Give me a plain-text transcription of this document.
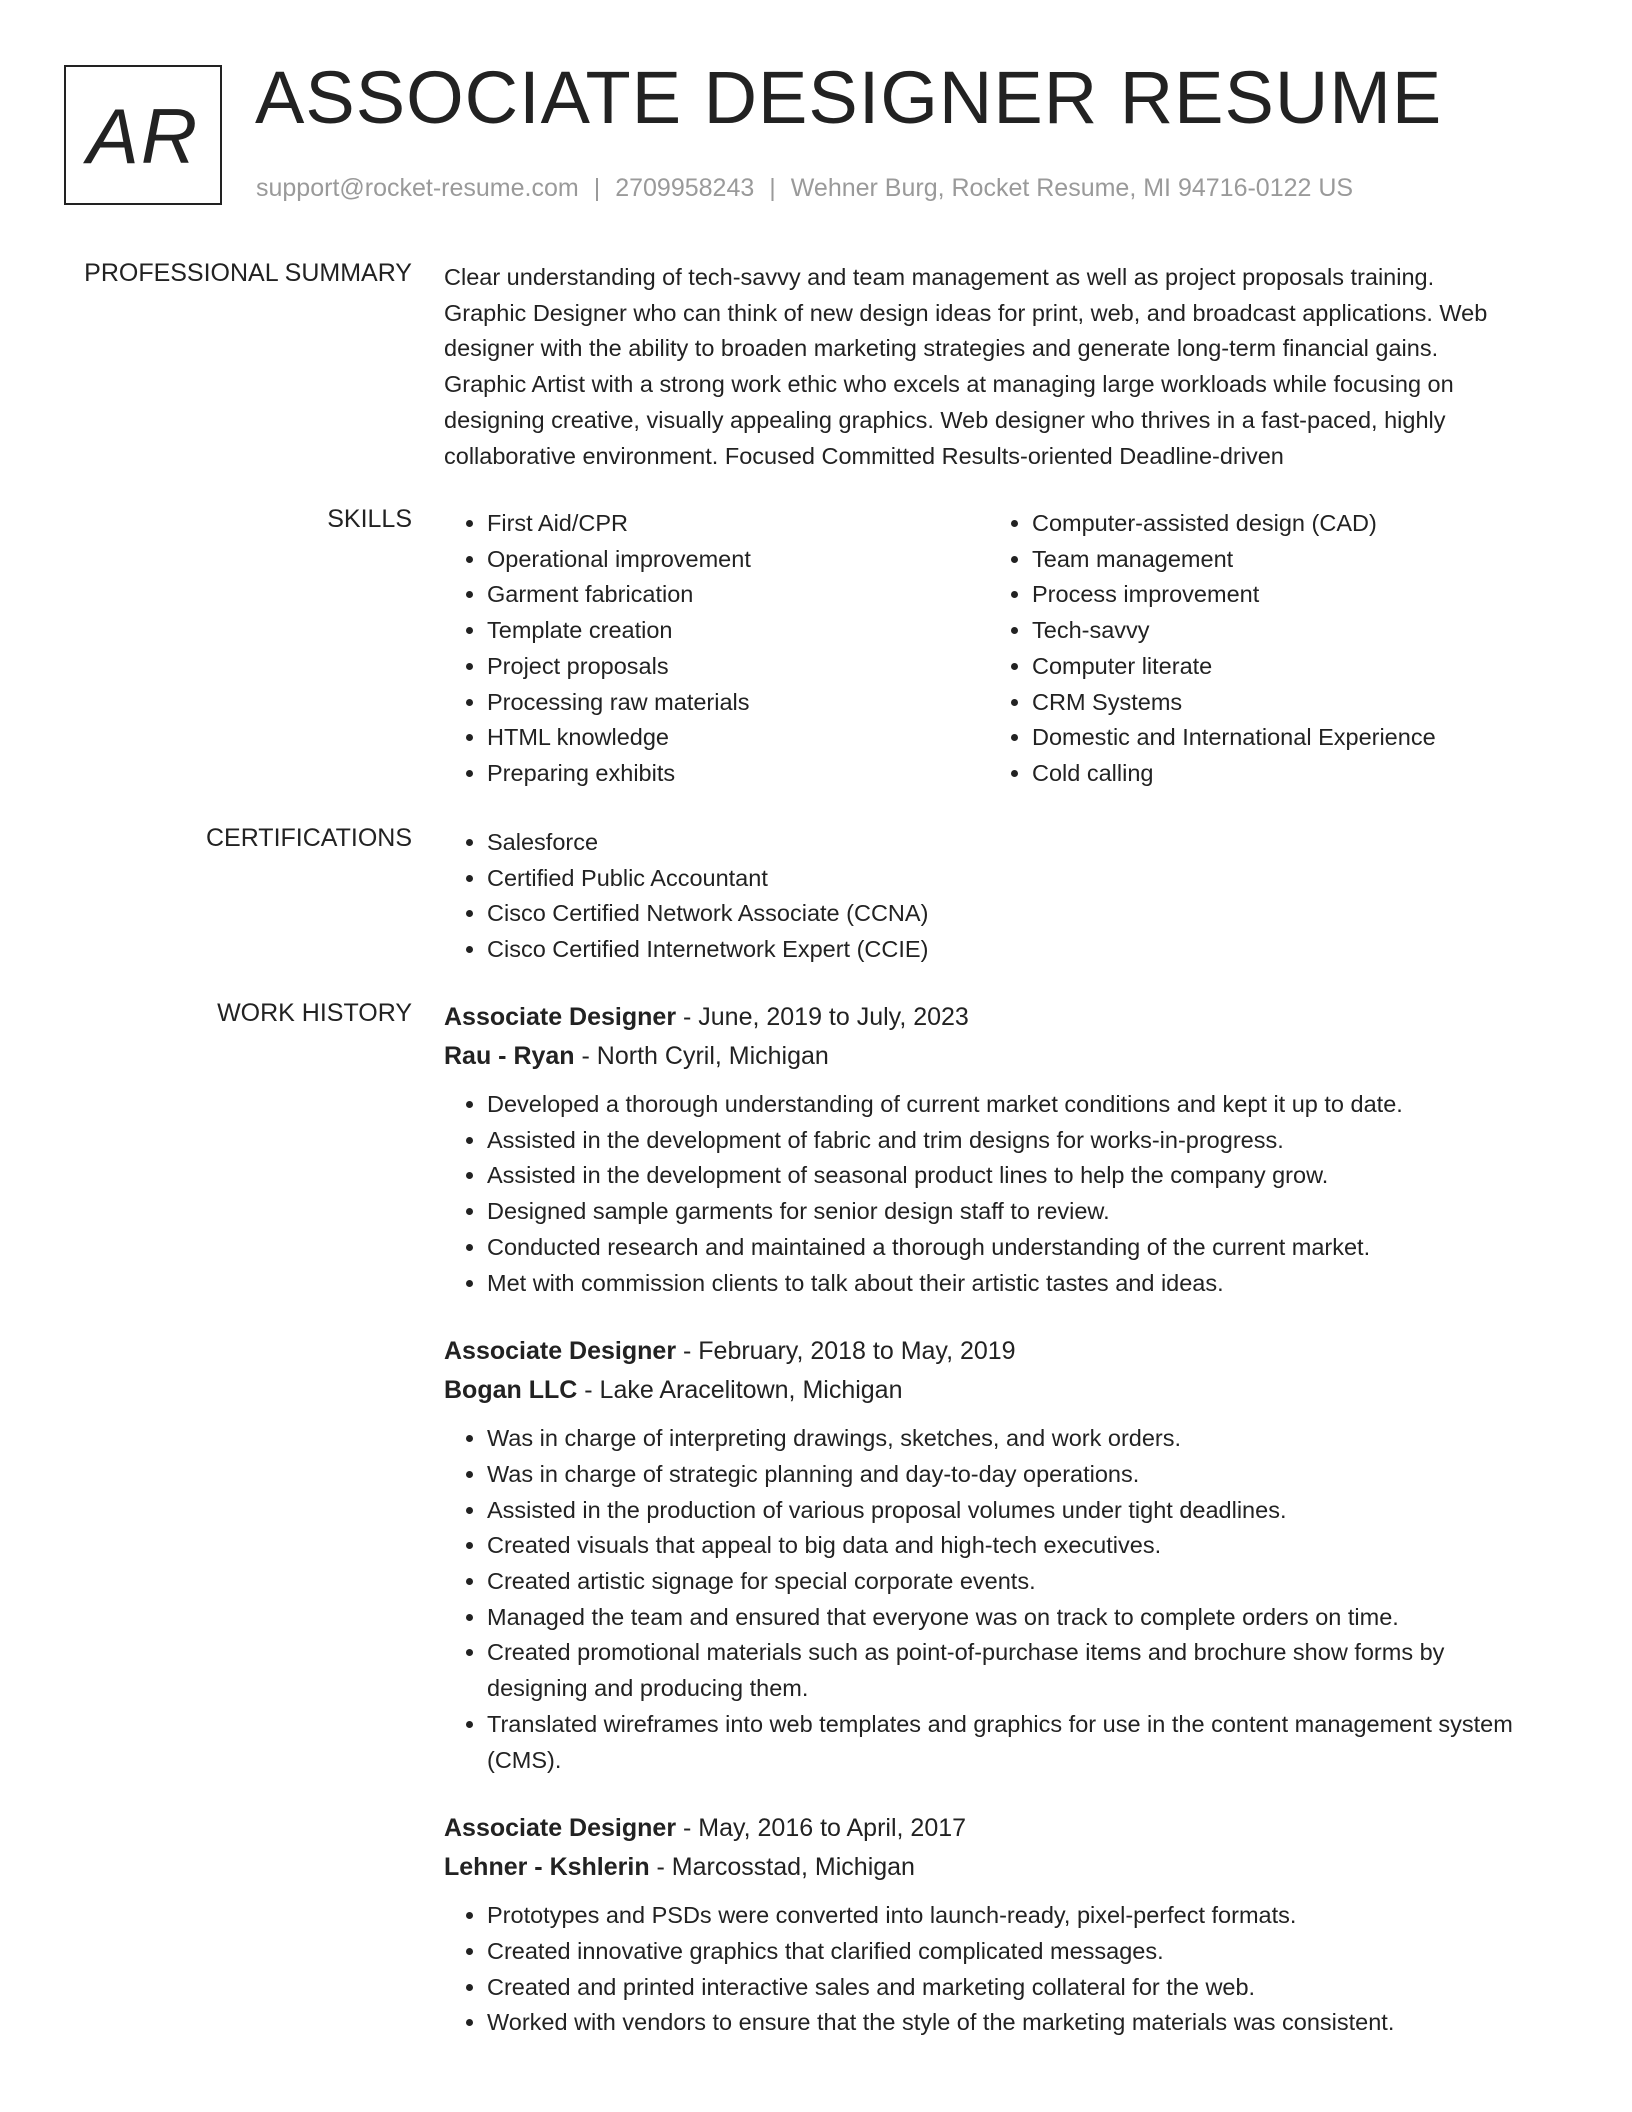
AR ASSOCIATE DESIGNER RESUME
support@rocket-resume.com | 2709958243 | Wehner Burg, Rocket Resume, MI 94716-0122 US
PROFESSIONAL SUMMARY Clear understanding of tech-savvy and team management as well as project proposals training.
Graphic Designer who can think of new design ideas for print, web, and broadcast applications. Web
designer with the ability to broaden marketing strategies and generate long-term financial gains.
Graphic Artist with a strong work ethic who excels at managing large workloads while focusing on
designing creative, visually appealing graphics. Web designer who thrives in a fast-paced, highly
collaborative environment. Focused Committed Results-oriented Deadline-driven

SKILLS	• First Aid/CPR
• Operational improvement
• Garment fabrication
• Template creation
• Project proposals
• Processing raw materials
• HTML knowledge
• Preparing exhibits
• Computer-assisted design (CAD)
• Team management
• Process improvement
• Tech-savvy
• Computer literate
• CRM Systems
• Domestic and International Experience
• Cold calling
CERTIFICATIONS	• Salesforce
• Certified Public Accountant
• Cisco Certified Network Associate (CCNA)
• Cisco Certified Internetwork Expert (CCIE)
WORK HISTORY Associate Designer - June, 2019 to July, 2023
Rau - Ryan - North Cyril, Michigan
• Developed a thorough understanding of current market conditions and kept it up to date.
• Assisted in the development of fabric and trim designs for works-in-progress.
• Assisted in the development of seasonal product lines to help the company grow.
• Designed sample garments for senior design staff to review.
• Conducted research and maintained a thorough understanding of the current market.
• Met with commission clients to talk about their artistic tastes and ideas.
Associate Designer - February, 2018 to May, 2019
Bogan LLC - Lake Aracelitown, Michigan
• Was in charge of interpreting drawings, sketches, and work orders.
• Was in charge of strategic planning and day-to-day operations.
• Assisted in the production of various proposal volumes under tight deadlines.
• Created visuals that appeal to big data and high-tech executives.
• Created artistic signage for special corporate events.
• Managed the team and ensured that everyone was on track to complete orders on time.
• Created promotional materials such as point-of-purchase items and brochure show forms by designing and producing them.
• Translated wireframes into web templates and graphics for use in the content management system (CMS).
Associate Designer - May, 2016 to April, 2017
Lehner - Kshlerin - Marcosstad, Michigan
• Prototypes and PSDs were converted into launch-ready, pixel-perfect formats.
• Created innovative graphics that clarified complicated messages.
• Created and printed interactive sales and marketing collateral for the web.
• Worked with vendors to ensure that the style of the marketing materials was consistent.
